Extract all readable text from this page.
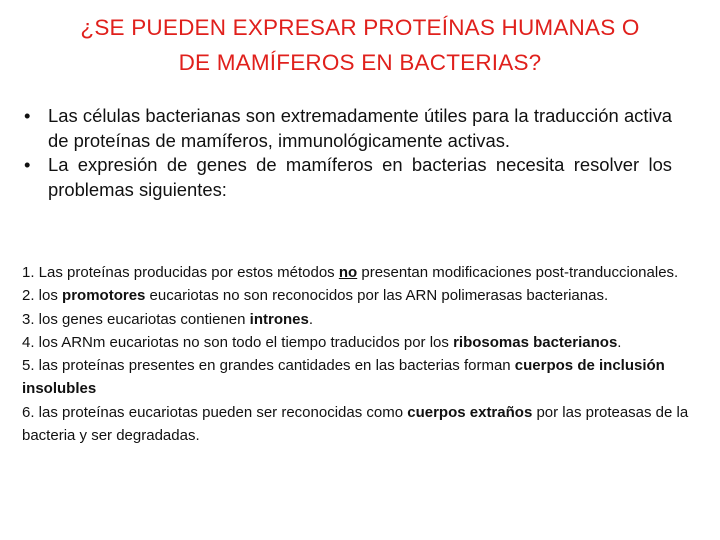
¿SE PUEDEN EXPRESAR PROTEÍNAS HUMANAS O
DE MAMÍFEROS EN BACTERIAS?
• Las células bacterianas son extremadamente útiles para la traducción activa de proteínas de mamíferos, immunológicamente activas.
• La expresión de genes de mamíferos en bacterias necesita resolver los problemas siguientes:

1. Las proteínas producidas por estos métodos no presentan modificaciones post-tranduccionales.

2. los promotores eucariotas no son reconocidos por las ARN polimerasas bacterianas.

3. los genes eucariotas contienen intrones.

4. los ARNm eucariotas no son todo el tiempo traducidos por los ribosomas bacterianos.

5. las proteínas presentes en grandes cantidades en las bacterias forman cuerpos de inclusión insolubles

6. las proteínas eucariotas pueden ser reconocidas como cuerpos extraños por las proteasas de la bacteria y ser degradadas.
